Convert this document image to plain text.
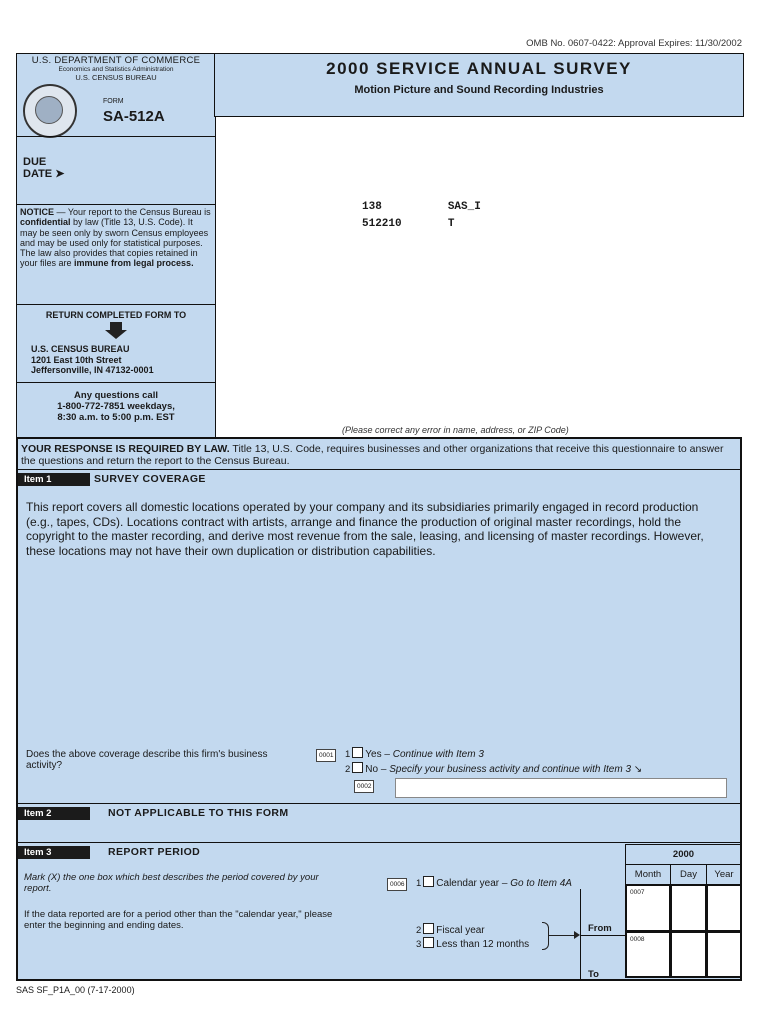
OMB No. 0607-0422: Approval Expires: 11/30/2002
U.S. DEPARTMENT OF COMMERCE
Economics and Statistics Administration
U.S. CENSUS BUREAU
FORM
SA-512A
DUE
DATE ➤
NOTICE — Your report to the Census Bureau is confidential by law (Title 13, U.S. Code). It may be seen only by sworn Census employees and may be used only for statistical purposes. The law also provides that copies retained in your files are immune from legal process.
RETURN COMPLETED FORM TO
U.S. CENSUS BUREAU
1201 East 10th Street
Jeffersonville, IN 47132-0001
Any questions call
1-800-772-7851 weekdays,
8:30 a.m. to 5:00 p.m. EST
2000 SERVICE ANNUAL SURVEY
Motion Picture and Sound Recording Industries
138          SAS_I
512210       T
(Please correct any error in name, address, or ZIP Code)
YOUR RESPONSE IS REQUIRED BY LAW. Title 13, U.S. Code, requires businesses and other organizations that receive this questionnaire to answer the questions and return the report to the Census Bureau.
Item 1	SURVEY COVERAGE
This report covers all domestic locations operated by your company and its subsidiaries primarily engaged in record production (e.g., tapes, CDs). Locations contract with artists, arrange and finance the production of original master recordings, hold the copyright to the master recording, and derive most revenue from the sale, leasing, and licensing of master recordings. However, these locations may not have their own duplication or distribution capabilities.
Does the above coverage describe this firm's business activity?
0001	1 Yes – Continue with Item 3
2 No – Specify your business activity and continue with Item 3 ↘
0002
Item 2	NOT APPLICABLE TO THIS FORM
Item 3	REPORT PERIOD
Mark (X) the one box which best describes the period covered by your report.
If the data reported are for a period other than the "calendar year," please enter the beginning and ending dates.
0006	1 Calendar year – Go to Item 4A
2 Fiscal year
3 Less than 12 months
From
To
2000
Month	Day	Year
0007
0008
SAS SF_P1A_00 (7-17-2000)
